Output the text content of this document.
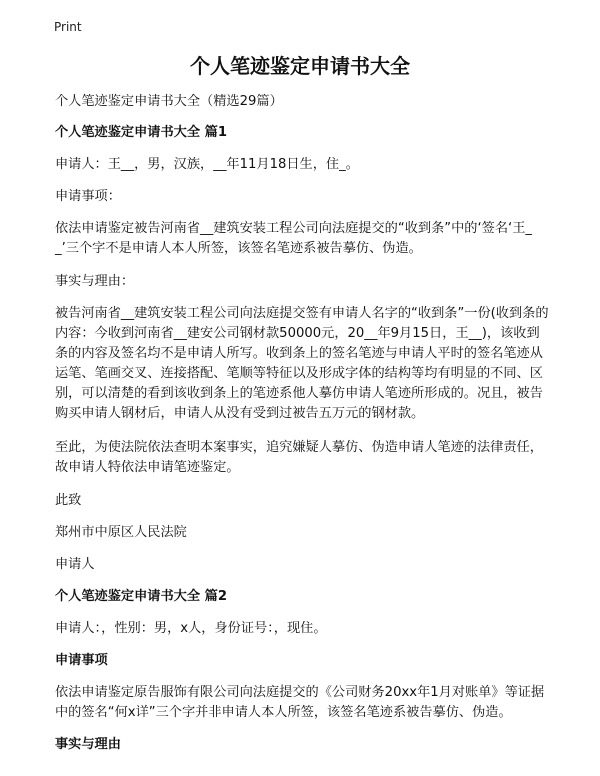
Print
个人笔迹鉴定申请书大全

个人笔迹鉴定申请书大全（精选29篇）

个人笔迹鉴定申请书大全 篇1

申请人：王__，男，汉族，__年11月18日生，住_。

申请事项：

依法申请鉴定被告河南省__建筑安装工程公司向法庭提交的“收到条”中的‘签名‘王__’三个字不是申请人本人所签，该签名笔迹系被告摹仿、伪造。

事实与理由：

被告河南省__建筑安装工程公司向法庭提交签有申请人名字的“收到条”一份(收到条的内容：今收到河南省__建安公司钢材款50000元，20__年9月15日，王__)，该收到条的内容及签名均不是申请人所写。收到条上的签名笔迹与申请人平时的签名笔迹从运笔、笔画交叉、连接搭配、笔顺等特征以及形成字体的结构等均有明显的不同、区别，可以清楚的看到该收到条上的笔迹系他人摹仿申请人笔迹所形成的。况且，被告购买申请人钢材后，申请人从没有受到过被告五万元的钢材款。

至此，为使法院依法查明本案事实，追究嫌疑人摹仿、伪造申请人笔迹的法律责任，故申请人特依法申请笔迹鉴定。

此致

郑州市中原区人民法院

申请人

个人笔迹鉴定申请书大全 篇2

申请人：，性别：男，x人，身份证号：，现住。

申请事项

依法申请鉴定原告服饰有限公司向法庭提交的《公司财务20xx年1月对账单》等证据中的签名“何x详”三个字并非申请人本人所签，该签名笔迹系被告摹仿、伪造。

事实与理由
